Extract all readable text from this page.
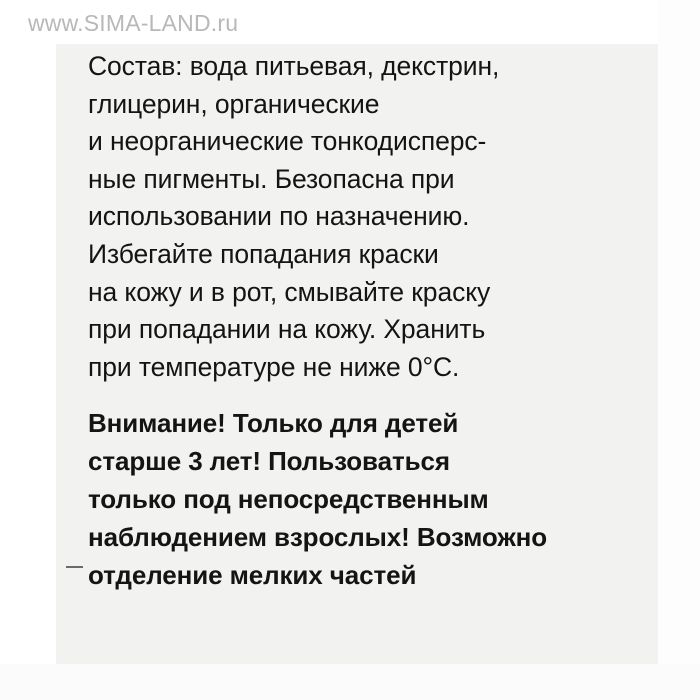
www.SIMA-LAND.ru

Состав: вода питьевая, декстрин,
глицерин, органические
и неорганические тонкодисперс-
ные пигменты. Безопасна при
использовании по назначению.
Избегайте попадания краски
на кожу и в рот, смывайте краску
при попадании на кожу. Хранить
при температуре не ниже 0°С.

Внимание! Только для детей
старше 3 лет! Пользоваться
только под непосредственным
наблюдением взрослых! Возможно
отделение мелких частей
